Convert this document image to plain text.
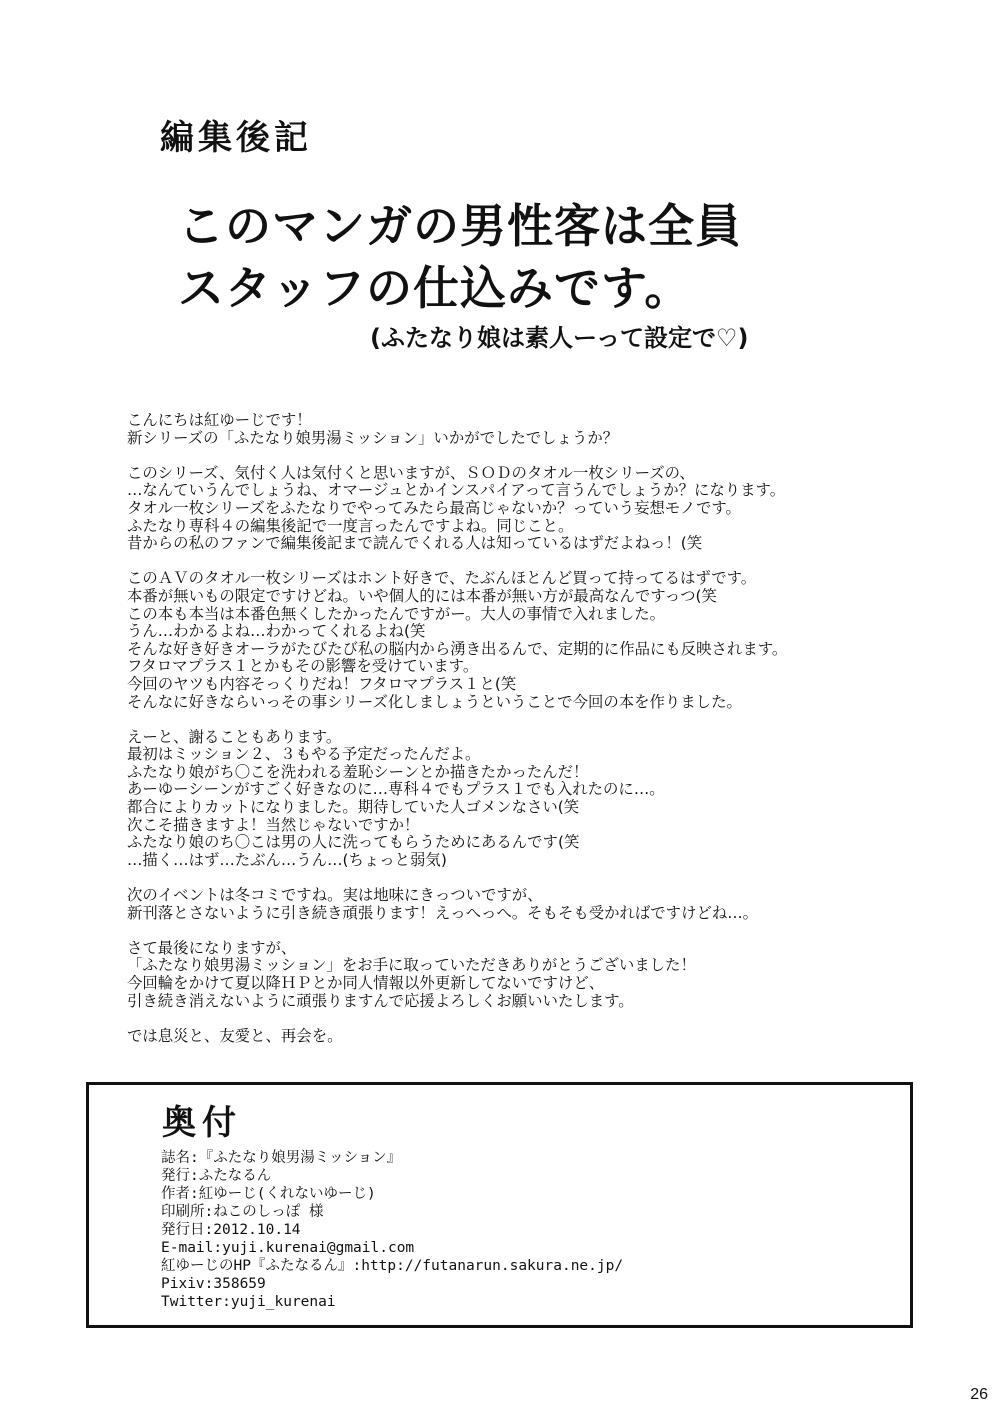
編集後記
このマンガの男性客は全員
スタッフの仕込みです。
(ふたなり娘は素人ーって設定で♡)

こんにちは紅ゆーじです！
新シリーズの「ふたなり娘男湯ミッション」いかがでしたでしょうか？

このシリーズ、気付く人は気付くと思いますが、ＳＯＤのタオル一枚シリーズの、
…なんていうんでしょうね、オマージュとかインスパイアって言うんでしょうか？になります。
タオル一枚シリーズをふたなりでやってみたら最高じゃないか？っていう妄想モノです。
ふたなり専科４の編集後記で一度言ったんですよね。同じこと。
昔からの私のファンで編集後記まで読んでくれる人は知っているはずだよねっ！(笑

このＡＶのタオル一枚シリーズはホント好きで、たぶんほとんど買って持ってるはずです。
本番が無いもの限定ですけどね。いや個人的には本番が無い方が最高なんですっつ(笑
この本も本当は本番色無くしたかったんですがー。大人の事情で入れました。
うん…わかるよね…わかってくれるよね(笑
そんな好き好きオーラがたびたび私の脳内から湧き出るんで、定期的に作品にも反映されます。
フタロマプラス１とかもその影響を受けています。
今回のヤツも内容そっくりだね！フタロマプラス１と(笑
そんなに好きならいっその事シリーズ化しましょうということで今回の本を作りました。

えーと、謝ることもあります。
最初はミッション２、３もやる予定だったんだよ。
ふたなり娘がち〇こを洗われる羞恥シーンとか描きたかったんだ！
あーゆーシーンがすごく好きなのに…専科４でもプラス１でも入れたのに…。
都合によりカットになりました。期待していた人ゴメンなさい(笑
次こそ描きますよ！当然じゃないですか！
ふたなり娘のち〇こは男の人に洗ってもらうためにあるんです(笑
…描く…はず…たぶん…うん…(ちょっと弱気)

次のイベントは冬コミですね。実は地味にきっついですが、
新刊落とさないように引き続き頑張ります！えっへっへ。そもそも受かればですけどね…。

さて最後になりますが、
「ふたなり娘男湯ミッション」をお手に取っていただきありがとうございました！
今回輪をかけて夏以降ＨＰとか同人情報以外更新してないですけど、
引き続き消えないように頑張りますんで応援よろしくお願いいたします。

では息災と、友愛と、再会を。

奥付
誌名:『ふたなり娘男湯ミッション』
発行:ふたなるん
作者:紅ゆーじ(くれないゆーじ)
印刷所:ねこのしっぽ 様
発行日:2012.10.14
E-mail:yuji.kurenai@gmail.com
紅ゆーじのHP『ふたなるん』:http://futanarun.sakura.ne.jp/
Pixiv:358659
Twitter:yuji_kurenai
26
